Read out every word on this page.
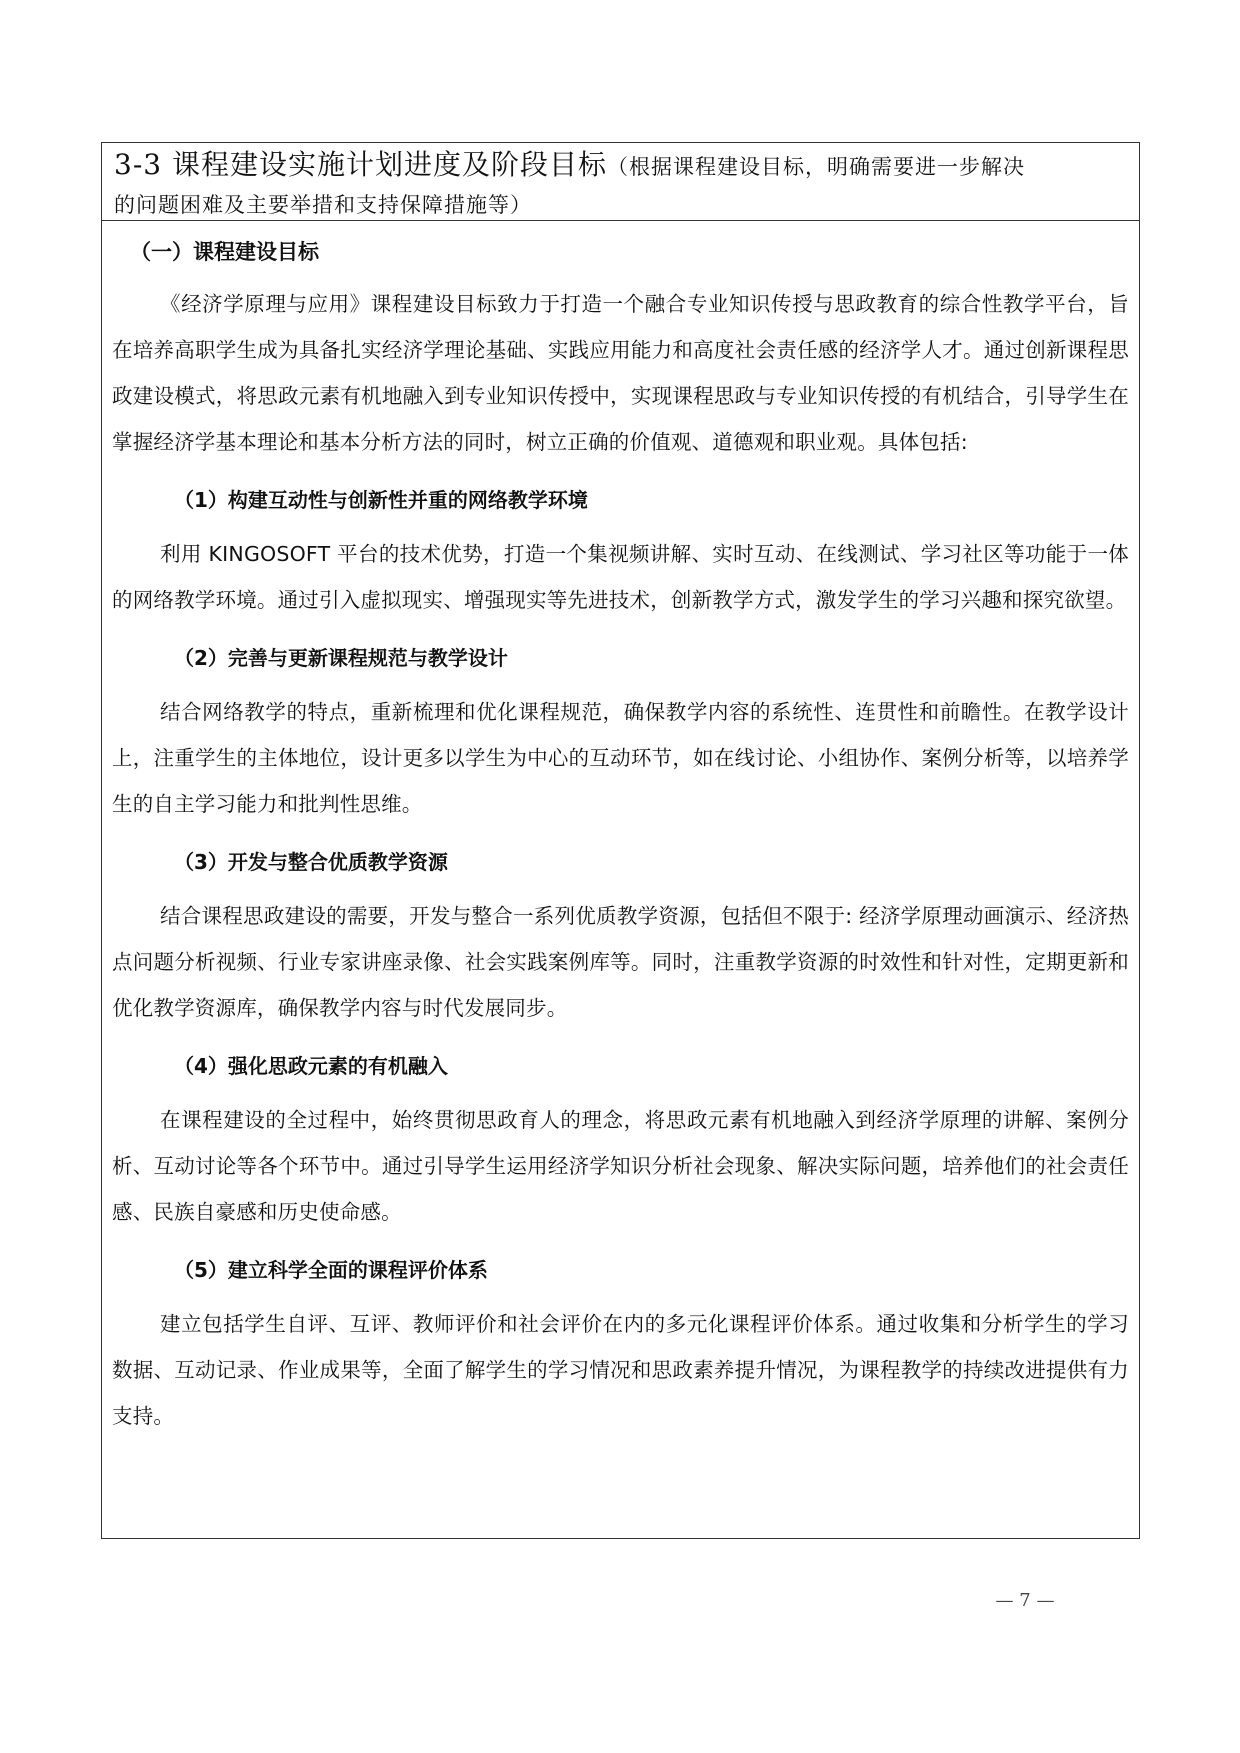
3-3 课程建设实施计划进度及阶段目标（根据课程建设目标，明确需要进一步解决
的问题困难及主要举措和支持保障措施等）
（一）课程建设目标

《经济学原理与应用》课程建设目标致力于打造一个融合专业知识传授与思政教育的综合性教学平台，旨在培养高职学生成为具备扎实经济学理论基础、实践应用能力和高度社会责任感的经济学人才。通过创新课程思政建设模式，将思政元素有机地融入到专业知识传授中，实现课程思政与专业知识传授的有机结合，引导学生在掌握经济学基本理论和基本分析方法的同时，树立正确的价值观、道德观和职业观。具体包括:

（1）构建互动性与创新性并重的网络教学环境

利用 KINGOSOFT 平台的技术优势，打造一个集视频讲解、实时互动、在线测试、学习社区等功能于一体的网络教学环境。通过引入虚拟现实、增强现实等先进技术，创新教学方式，激发学生的学习兴趣和探究欲望。

（2）完善与更新课程规范与教学设计

结合网络教学的特点，重新梳理和优化课程规范，确保教学内容的系统性、连贯性和前瞻性。在教学设计上，注重学生的主体地位，设计更多以学生为中心的互动环节，如在线讨论、小组协作、案例分析等，以培养学生的自主学习能力和批判性思维。

（3）开发与整合优质教学资源

结合课程思政建设的需要，开发与整合一系列优质教学资源，包括但不限于: 经济学原理动画演示、经济热点问题分析视频、行业专家讲座录像、社会实践案例库等。同时，注重教学资源的时效性和针对性，定期更新和优化教学资源库，确保教学内容与时代发展同步。

（4）强化思政元素的有机融入

在课程建设的全过程中，始终贯彻思政育人的理念，将思政元素有机地融入到经济学原理的讲解、案例分析、互动讨论等各个环节中。通过引导学生运用经济学知识分析社会现象、解决实际问题，培养他们的社会责任感、民族自豪感和历史使命感。

（5）建立科学全面的课程评价体系

建立包括学生自评、互评、教师评价和社会评价在内的多元化课程评价体系。通过收集和分析学生的学习数据、互动记录、作业成果等，全面了解学生的学习情况和思政素养提升情况，为课程教学的持续改进提供有力支持。

— 7 —
